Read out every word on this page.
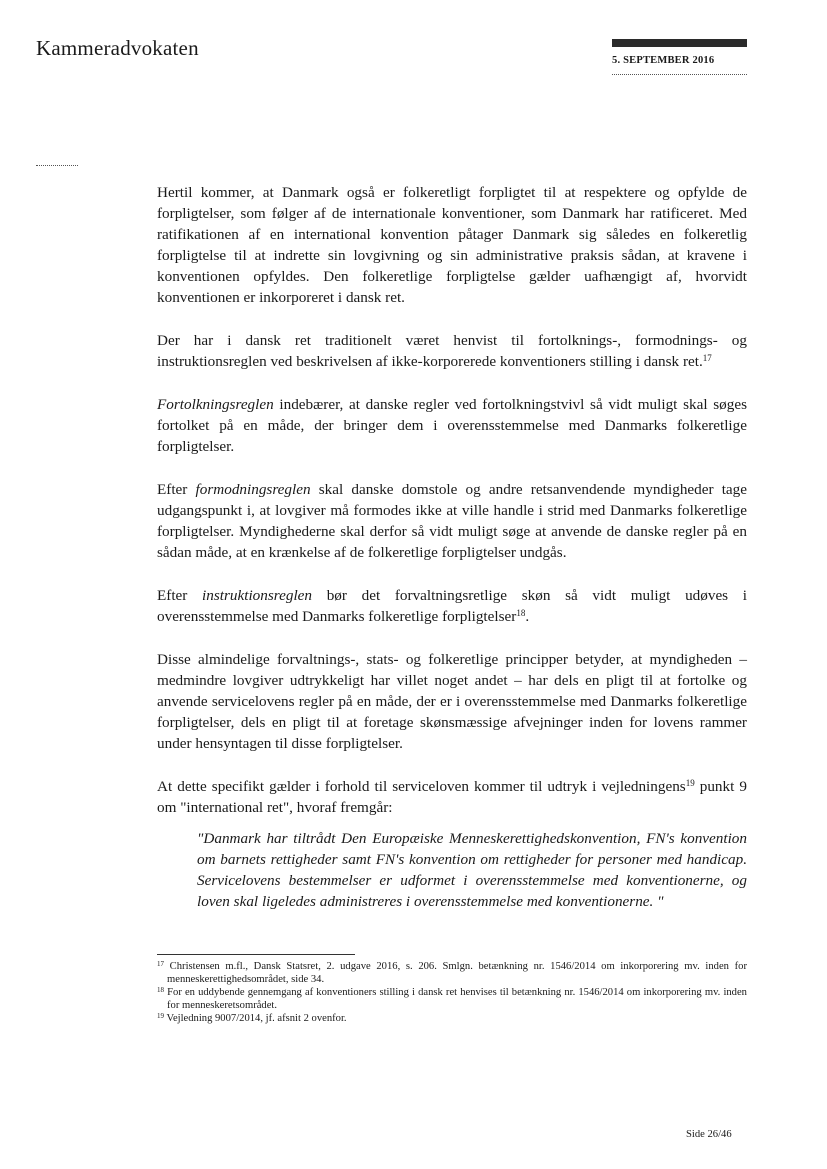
Kammeradvokaten
5. SEPTEMBER 2016

Hertil kommer, at Danmark også er folkeretligt forpligtet til at respektere og opfylde de forpligtelser, som følger af de internationale konventioner, som Danmark har ratificeret. Med ratifikationen af en international konvention påtager Danmark sig således en folkeretlig forpligtelse til at indrette sin lovgivning og sin administrative praksis sådan, at kravene i konventionen opfyldes. Den folkeretlige forpligtelse gælder uafhængigt af, hvorvidt konventionen er inkorporeret i dansk ret.

Der har i dansk ret traditionelt været henvist til fortolknings-, formodnings- og instruktionsreglen ved beskrivelsen af ikke-korporerede konventioners stilling i dansk ret.$^{17}$

Fortolkningsreglen indebærer, at danske regler ved fortolkningstvivl så vidt muligt skal søges fortolket på en måde, der bringer dem i overensstemmelse med Danmarks folkeretlige forpligtelser.

Efter formodningsreglen skal danske domstole og andre retsanvendende myndigheder tage udgangspunkt i, at lovgiver må formodes ikke at ville handle i strid med Danmarks folkeretlige forpligtelser. Myndighederne skal derfor så vidt muligt søge at anvende de danske regler på en sådan måde, at en krænkelse af de folkeretlige forpligtelser undgås.

Efter instruktionsreglen bør det forvaltningsretlige skøn så vidt muligt udøves i overensstemmelse med Danmarks folkeretlige forpligtelser$^{18}$.

Disse almindelige forvaltnings-, stats- og folkeretlige principper betyder, at myndigheden – medmindre lovgiver udtrykkeligt har villet noget andet – har dels en pligt til at fortolke og anvende servicelovens regler på en måde, der er i overensstemmelse med Danmarks folkeretlige forpligtelser, dels en pligt til at foretage skønsmæssige afvejninger inden for lovens rammer under hensyntagen til disse forpligtelser.

At dette specifikt gælder i forhold til serviceloven kommer til udtryk i vejledningens$^{19}$ punkt 9 om "international ret", hvoraf fremgår:

"Danmark har tiltrådt Den Europæiske Menneskerettighedskonvention, FN's konvention om barnets rettigheder samt FN's konvention om rettigheder for personer med handicap. Servicelovens bestemmelser er udformet i overensstemmelse med konventionerne, og loven skal ligeledes administreres i overensstemmelse med konventionerne. "
$^{17}$ Christensen m.fl., Dansk Statsret, 2. udgave 2016, s. 206. Smlgn. betænkning nr. 1546/2014 om inkorporering mv. inden for menneskerettighedsområdet, side 34.
$^{18}$ For en uddybende gennemgang af konventioners stilling i dansk ret henvises til betænkning nr. 1546/2014 om inkorporering mv. inden for menneskeretsområdet.
$^{19}$ Vejledning 9007/2014, jf. afsnit 2 ovenfor.
Side 26/46
